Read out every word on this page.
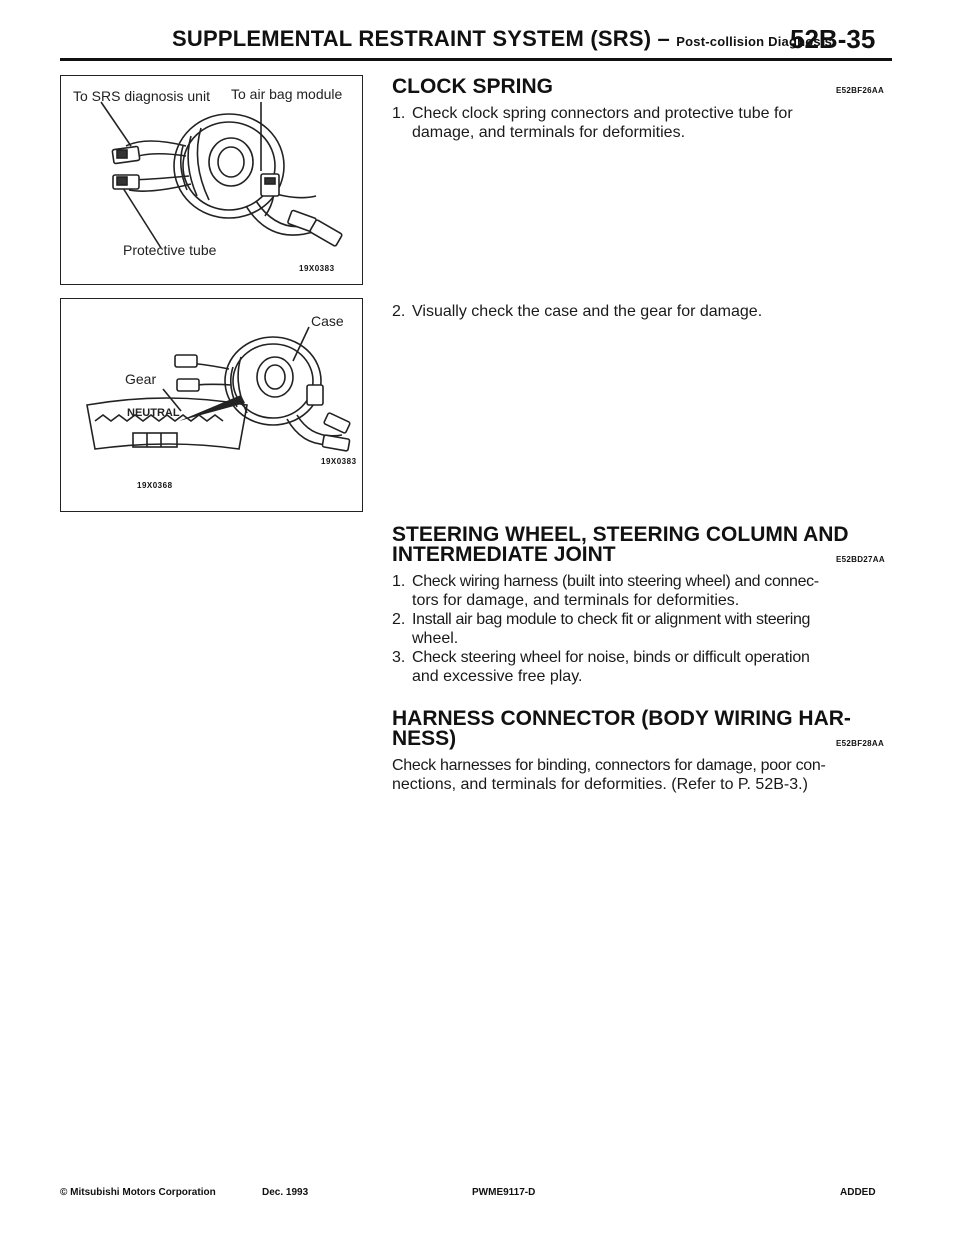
SUPPLEMENTAL RESTRAINT SYSTEM (SRS) – Post-collision Diagnosis
52B-35
To SRS diagnosis unit To air bag module
Protective tube
19X0383
Case
Gear
NEUTRAL
19X0383
19X0368
CLOCK SPRING	E52BF26AA
1. Check clock spring connectors and protective tube for
damage, and terminals for deformities.
2. Visually check the case and the gear for damage.
STEERING WHEEL, STEERING COLUMN AND
INTERMEDIATE JOINT	E52BD27AA
1. Check wiring harness (built into steering wheel) and connec-
tors for damage, and terminals for deformities.
2. Install air bag module to check fit or alignment with steering
wheel.
3. Check steering wheel for noise, binds or difficult operation
and excessive free play.
HARNESS CONNECTOR (BODY WIRING HAR-
NESS)	E52BF28AA
Check harnesses for binding, connectors for damage, poor con-
nections, and terminals for deformities. (Refer to P. 52B-3.)
© Mitsubishi Motors Corporation	Dec. 1993	PWME9117-D	ADDED
